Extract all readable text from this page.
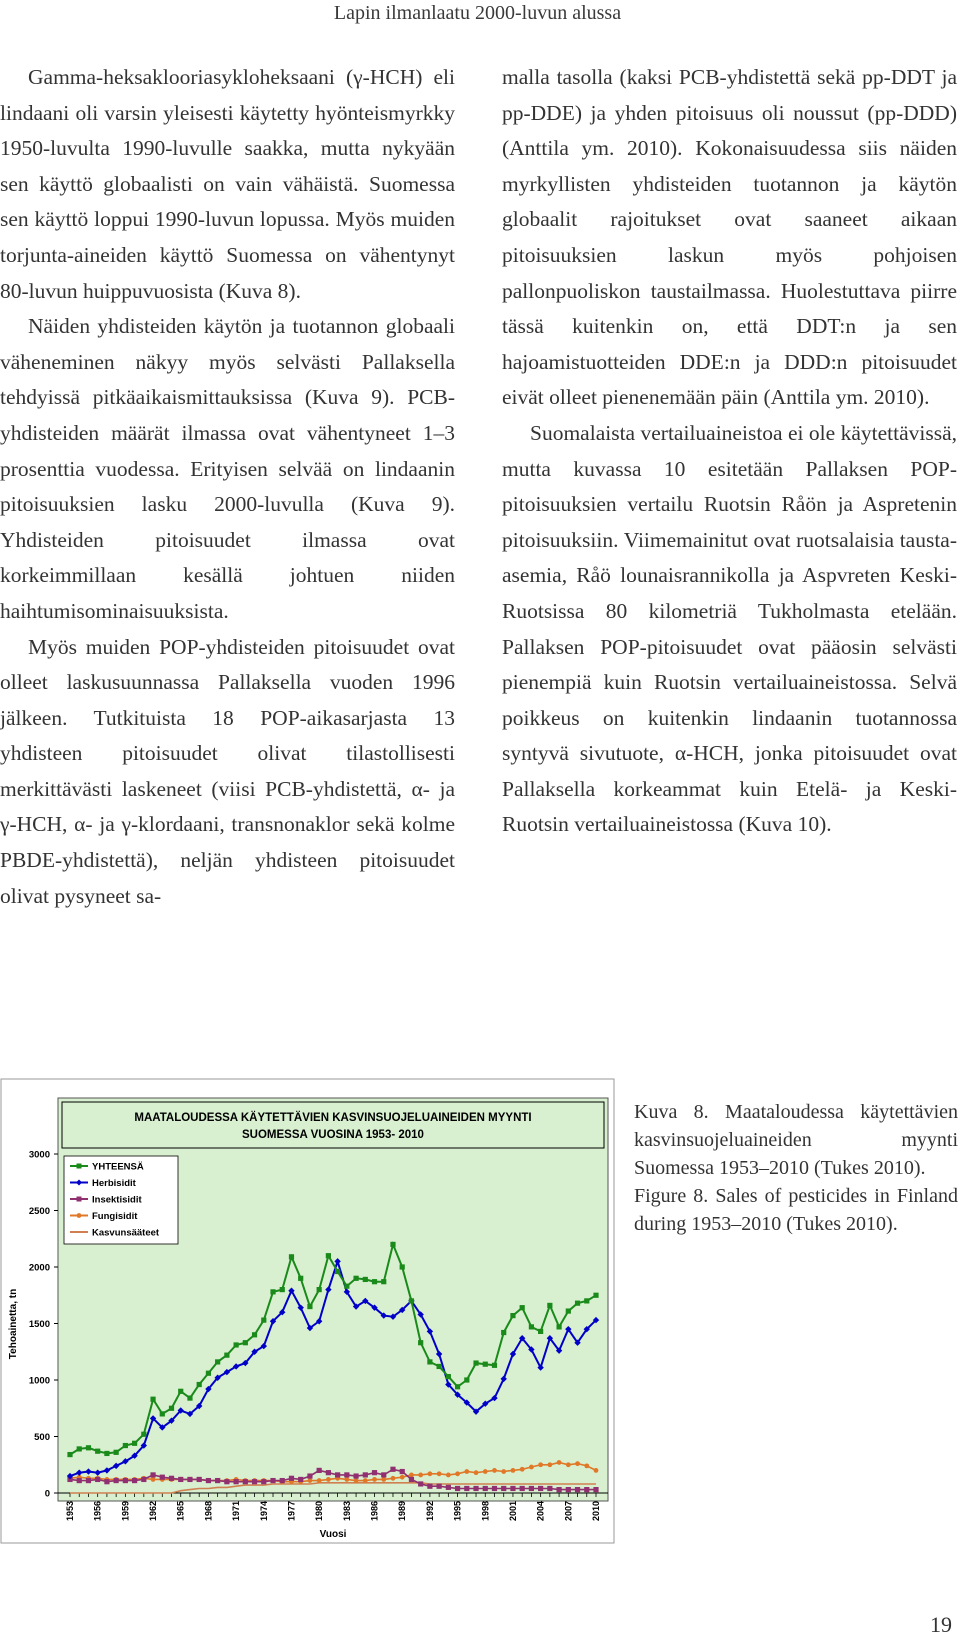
Lapin ilmanlaatu 2000-luvun alussa

Gamma-heksaklooriasykloheksaani (γ-HCH) eli lindaani oli varsin yleisesti käytetty hyönteismyrkky 1950-luvulta 1990-luvulle saakka, mutta nykyään sen käyttö globaalisti on vain vähäistä. Suomessa sen käyttö loppui 1990-luvun lopussa. Myös muiden torjunta-aineiden käyttö Suomessa on vähentynyt 80-luvun huippuvuosista (Kuva 8).

Näiden yhdisteiden käytön ja tuotannon globaali väheneminen näkyy myös selvästi Pallaksella tehdyissä pitkäaikaismittauksissa (Kuva 9). PCB-yhdisteiden määrät ilmassa ovat vähentyneet 1–3 prosenttia vuodessa. Erityisen selvää on lindaanin pitoisuuksien lasku 2000-luvulla (Kuva 9). Yhdisteiden pitoisuudet ilmassa ovat korkeimmillaan kesällä johtuen niiden haihtumisominaisuuksista.

Myös muiden POP-yhdisteiden pitoisuudet ovat olleet laskusuunnassa Pallaksella vuoden 1996 jälkeen. Tutkituista 18 POP-aikasarjasta 13 yhdisteen pitoisuudet olivat tilastollisesti merkittävästi laskeneet (viisi PCB-yhdistettä, α- ja γ-HCH, α- ja γ-klordaani, transnonaklor sekä kolme PBDE-yhdistettä), neljän yhdisteen pitoisuudet olivat pysyneet sa-

malla tasolla (kaksi PCB-yhdistettä sekä pp-DDT ja pp-DDE) ja yhden pitoisuus oli noussut (pp-DDD) (Anttila ym. 2010). Kokonaisuudessa siis näiden myrkyllisten yhdisteiden tuotannon ja käytön globaalit rajoitukset ovat saaneet aikaan pitoisuuksien laskun myös pohjoisen pallonpuoliskon taustailmassa. Huolestuttava piirre tässä kuitenkin on, että DDT:n ja sen hajoamistuotteiden DDE:n ja DDD:n pitoisuudet eivät olleet pienenemään päin (Anttila ym. 2010).

Suomalaista vertailuaineistoa ei ole käytettävissä, mutta kuvassa 10 esitetään Pallaksen POP-pitoisuuksien vertailu Ruotsin Råön ja Aspretenin pitoisuuksiin. Viimemainitut ovat ruotsalaisia tausta-asemia, Råö lounaisrannikolla ja Aspvreten Keski-Ruotsissa 80 kilometriä Tukholmasta etelään. Pallaksen POP-pitoisuudet ovat pääosin selvästi pienempiä kuin Ruotsin vertailuaineistossa. Selvä poikkeus on kuitenkin lindaanin tuotannossa syntyvä sivutuote, α-HCH, jonka pitoisuudet ovat Pallaksella korkeammat kuin Etelä- ja Keski-Ruotsin vertailuaineistossa (Kuva 10).

MAATALOUDESSA KÄYTETTÄVIEN KASVINSUOJELUAINEIDEN MYYNTI
SUOMESSA VUOSINA 1953- 2010
0
500
1000
1500
2000
2500
3000
1953 1956 1959 1962 1965 1968 1971 1974 1977 1980 1983 1986 1989 1992 1995 1998 2001 2004 2007 2010
YHTEENSÄ
Herbisidit
Insektisidit
Fungisidit
Kasvunsäätеet
Tehoainetta, tn
Vuosi

Kuva 8. Maataloudessa käytettävien kasvinsuojeluaineiden myynti Suomessa 1953–2010 (Tukes 2010).

Figure 8. Sales of pesticides in Finland during 1953–2010 (Tukes 2010).

19
